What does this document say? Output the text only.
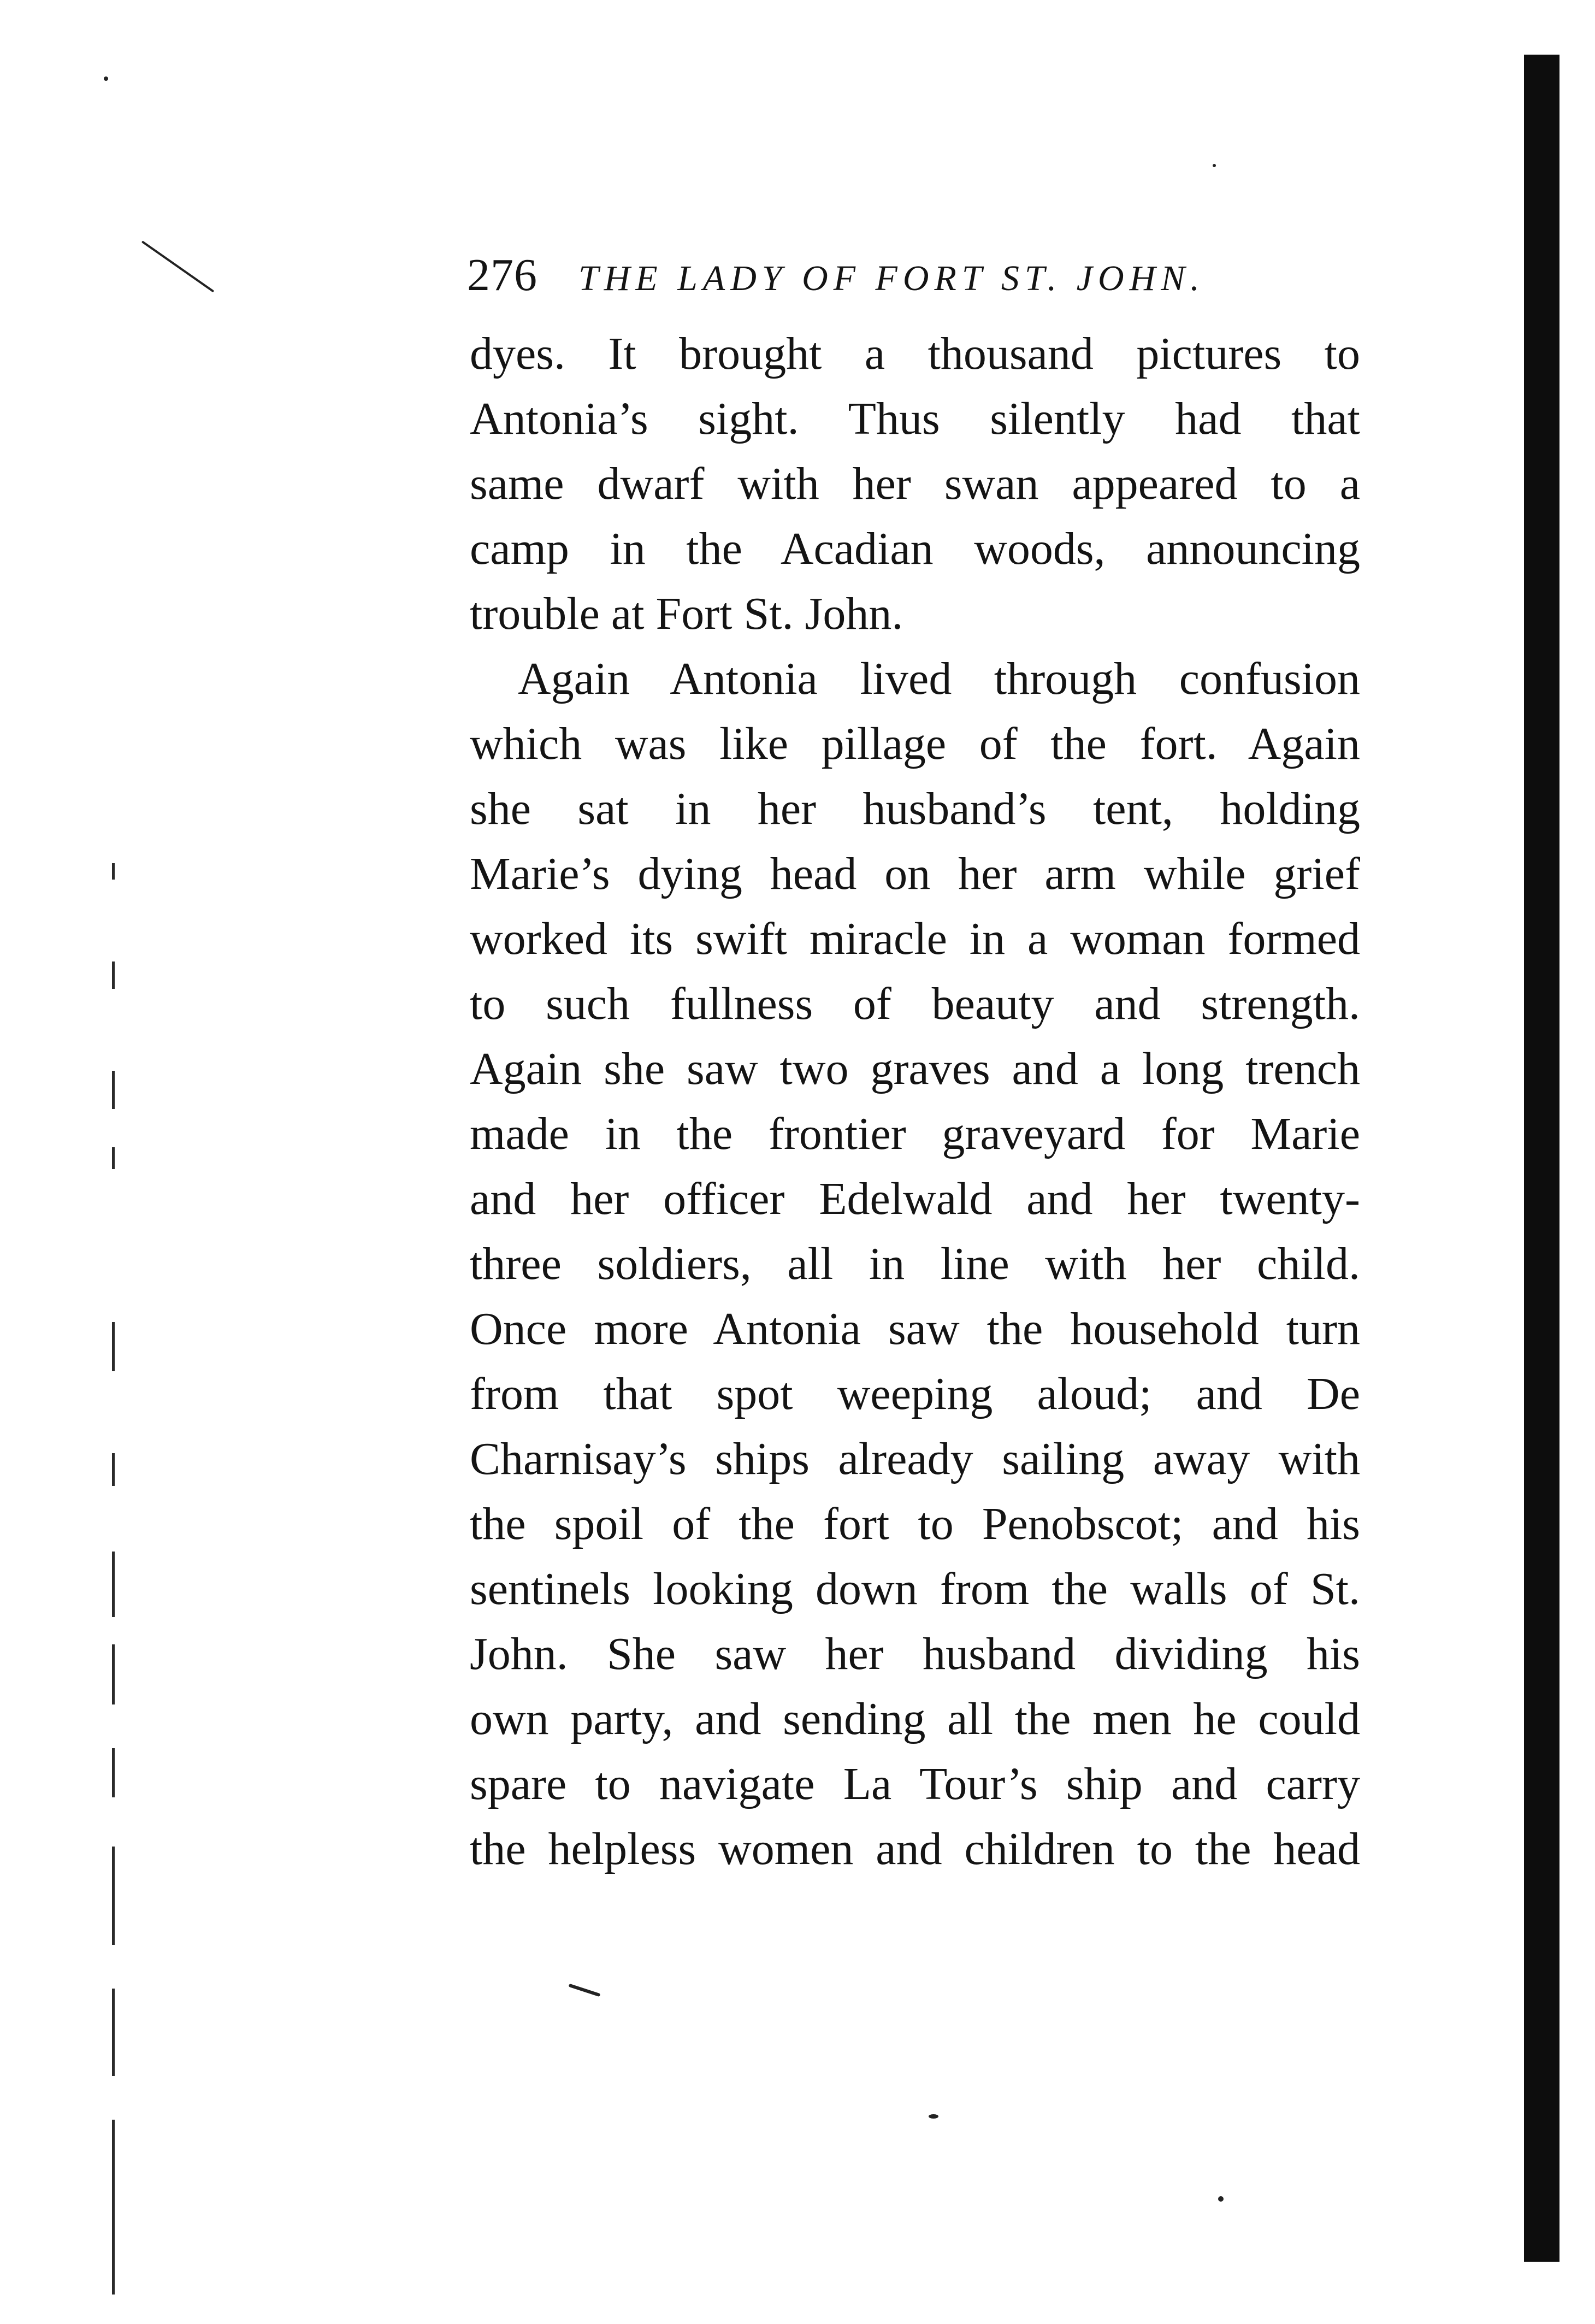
276 THE LADY OF FORT ST. JOHN.
dyes. It brought a thousand pictures to
Antonia’s sight. Thus silently had that
same dwarf with her swan appeared to a
camp in the Acadian woods, announcing
trouble at Fort St. John.
Again Antonia lived through confusion
which was like pillage of the fort. Again
she sat in her husband’s tent, holding
Marie’s dying head on her arm while grief
worked its swift miracle in a woman formed
to such fullness of beauty and strength.
Again she saw two graves and a long trench
made in the frontier graveyard for Marie
and her officer Edelwald and her twenty-
three soldiers, all in line with her child.
Once more Antonia saw the household turn
from that spot weeping aloud; and De
Charnisay’s ships already sailing away with
the spoil of the fort to Penobscot; and his
sentinels looking down from the walls of St.
John. She saw her husband dividing his
own party, and sending all the men he could
spare to navigate La Tour’s ship and carry
the helpless women and children to the head
